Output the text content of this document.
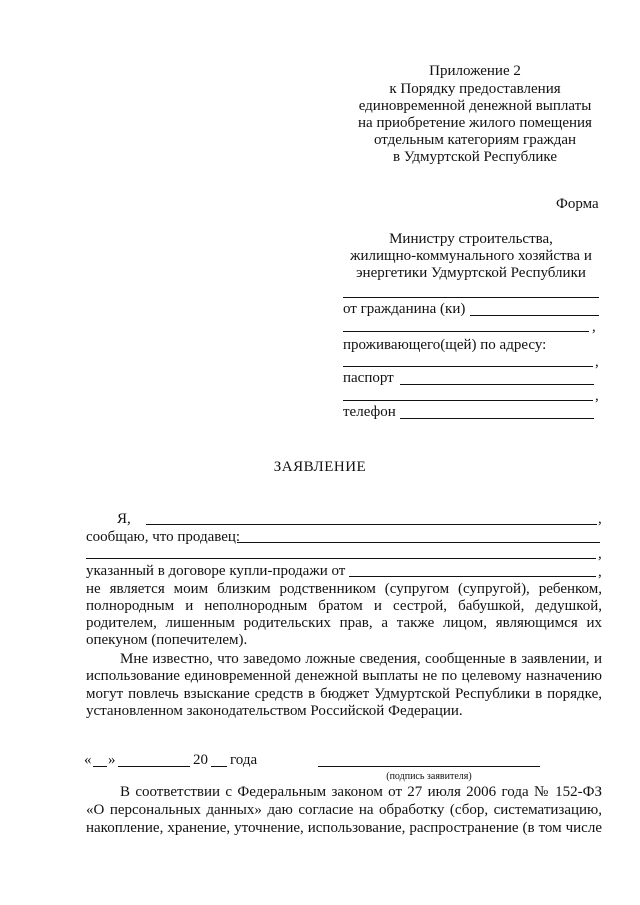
Приложение 2
к Порядку предоставления
единовременной денежной выплаты
на приобретение жилого помещения
отдельным категориям граждан
в Удмуртской Республике
Форма
Министру строительства,
жилищно-коммунального хозяйства и
энергетики Удмуртской Республики
от гражданина (ки)
,
проживающего(щей) по адресу:
,
паспорт
,
телефон
ЗАЯВЛЕНИЕ
Я,	,
сообщаю, что продавец:
,
указанный в договоре купли-продажи от	,
не является моим близким родственником (супругом (супругой), ребенком,
полнородным и неполнородным братом и сестрой, бабушкой, дедушкой,
родителем, лишенным родительских прав, а также лицом, являющимся их
опекуном (попечителем).
Мне известно, что заведомо ложные сведения, сообщенные в заявлении, и
использование единовременной денежной выплаты не по целевому назначению
могут повлечь взыскание средств в бюджет Удмуртской Республики в порядке,
установленном законодательством Российской Федерации.
« »	20 года
(подпись заявителя)
В соответствии с Федеральным законом от 27 июля 2006 года № 152-ФЗ
«О персональных данных» даю согласие на обработку (сбор, систематизацию,
накопление, хранение, уточнение, использование, распространение (в том числе
